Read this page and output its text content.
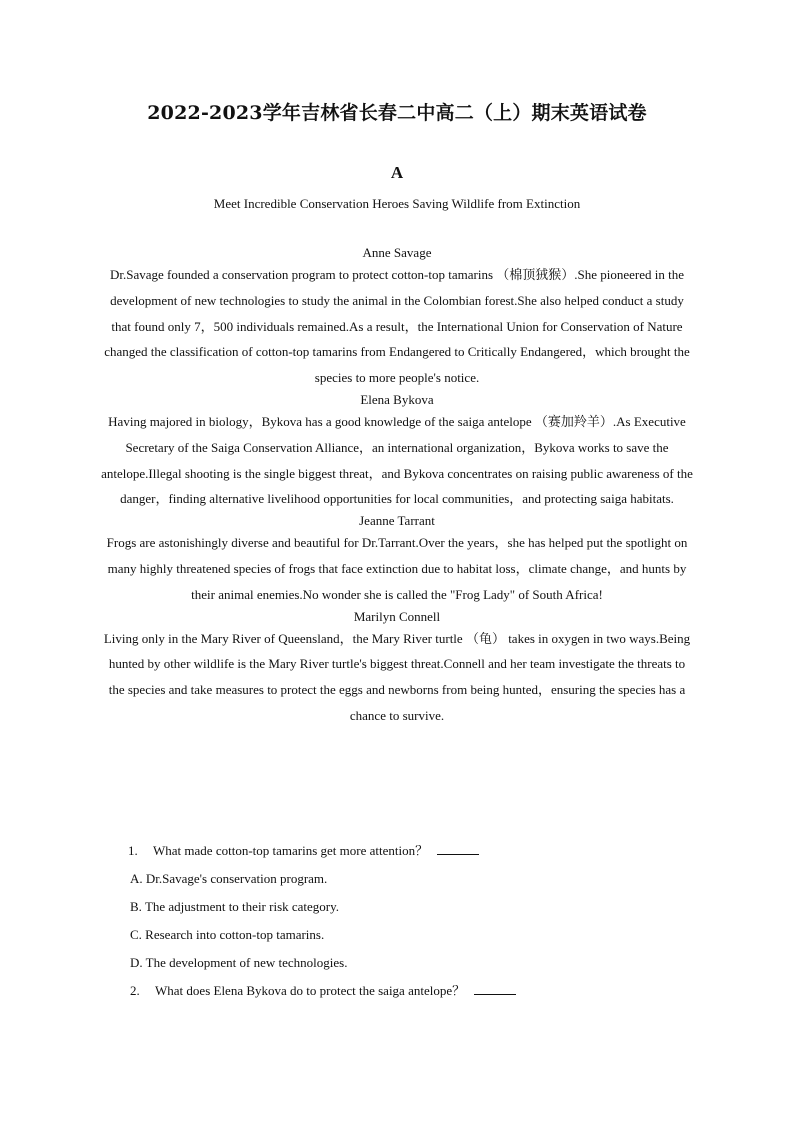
2022-2023学年吉林省长春二中高二（上）期末英语试卷
A
Meet Incredible Conservation Heroes Saving Wildlife from Extinction

Anne Savage

Dr.Savage founded a conservation program to protect cotton-top tamarins （棉顶狨猴）.She pioneered in the development of new technologies to study the animal in the Colombian forest.She also helped conduct a study that found only 7，500 individuals remained.As a result，the International Union for Conservation of Nature changed the classification of cotton-top tamarins from Endangered to Critically Endangered，which brought the species to more people's notice.

Elena Bykova

Having majored in biology，Bykova has a good knowledge of the saiga antelope （赛加羚羊）.As Executive Secretary of the Saiga Conservation Alliance，an international organization，Bykova works to save the antelope.Illegal shooting is the single biggest threat，and Bykova concentrates on raising public awareness of the danger，finding alternative livelihood opportunities for local communities，and protecting saiga habitats.

Jeanne Tarrant

Frogs are astonishingly diverse and beautiful for Dr.Tarrant.Over the years，she has helped put the spotlight on many highly threatened species of frogs that face extinction due to habitat loss，climate change，and hunts by their animal enemies.No wonder she is called the "Frog Lady" of South Africa!

Marilyn Connell

Living only in the Mary River of Queensland，the Mary River turtle （龟） takes in oxygen in two ways.Being hunted by other wildlife is the Mary River turtle's biggest threat.Connell and her team investigate the threats to the species and take measures to protect the eggs and newborns from being hunted，ensuring the species has a chance to survive.

1. What made cotton-top tamarins get more attention？
A. Dr.Savage's conservation program.
B. The adjustment to their risk category.
C. Research into cotton-top tamarins.
D. The development of new technologies.
2. What does Elena Bykova do to protect the saiga antelope？
